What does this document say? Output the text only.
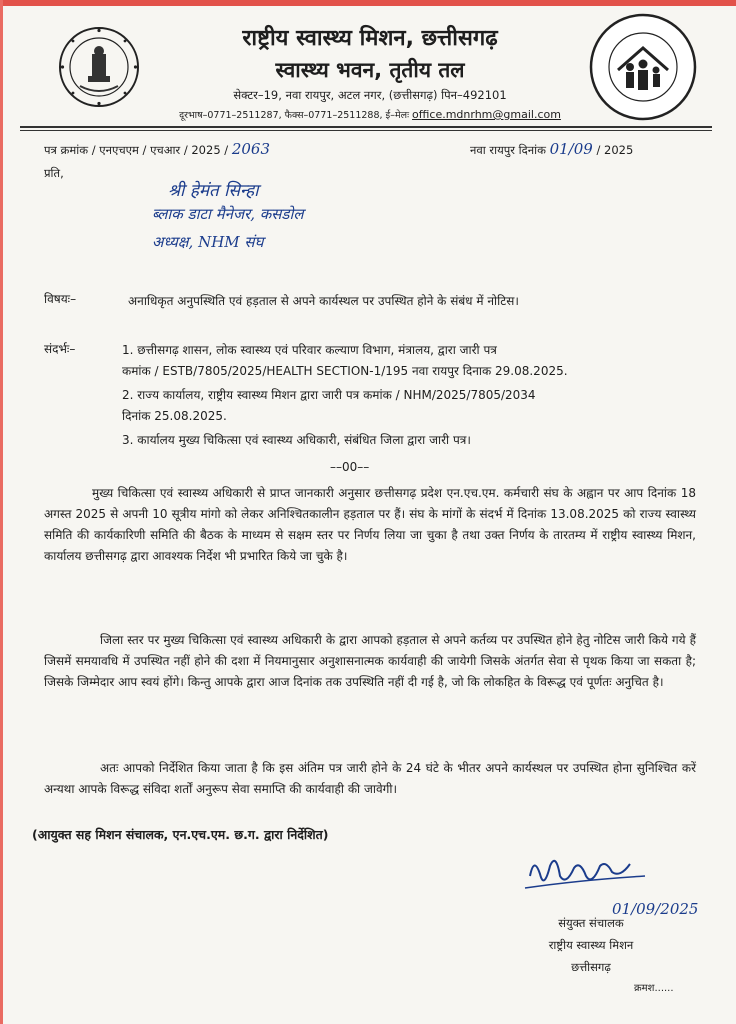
राष्ट्रीय स्वास्थ्य मिशन, छत्तीसगढ़
स्वास्थ्य भवन, तृतीय तल
सेक्टर–19, नवा रायपुर, अटल नगर, (छत्तीसगढ़) पिन–492101
दूरभाष–0771–2511287, फैक्स–0771–2511288, ई–मेलः office.mdnrhm@gmail.com
पत्र क्रमांक / एनएचएम / एचआर / 2025 / 2063	नवा रायपुर दिनांक 01/09 / 2025
प्रति,
श्री हेमंत सिन्हा
ब्लाक डाटा मैनेजर, कसडोल
अध्यक्ष, NHM संघ
विषयः–	अनाधिकृत अनुपस्थिति एवं हड़ताल से अपने कार्यस्थल पर उपस्थित होने के संबंध में नोटिस।
संदर्भः–	1. छत्तीसगढ़ शासन, लोक स्वास्थ्य एवं परिवार कल्याण विभाग, मंत्रालय, द्वारा जारी पत्र
कमांक / ESTB/7805/2025/HEALTH SECTION-1/195 नवा रायपुर दिनाक 29.08.2025.
2. राज्य कार्यालय, राष्ट्रीय स्वास्थ्य मिशन द्वारा जारी पत्र कमांक / NHM/2025/7805/2034
दिनांक 25.08.2025.
3. कार्यालय मुख्य चिकित्सा एवं स्वास्थ्य अधिकारी, संबंधित जिला द्वारा जारी पत्र।
––00––
मुख्य चिकित्सा एवं स्वास्थ्य अधिकारी से प्राप्त जानकारी अनुसार छत्तीसगढ़ प्रदेश एन.एच.एम. कर्मचारी संघ के अह्वान पर आप दिनांक 18 अगस्त 2025 से अपनी 10 सूत्रीय मांगो को लेकर अनिश्चितकालीन हड़ताल पर हैं। संघ के मांगों के संदर्भ में दिनांक 13.08.2025 को राज्य स्वास्थ्य समिति की कार्यकारिणी समिति की बैठक के माध्यम से सक्षम स्तर पर निर्णय लिया जा चुका है तथा उक्त निर्णय के तारतम्य में राष्ट्रीय स्वास्थ्य मिशन, कार्यालय छत्तीसगढ़ द्वारा आवश्यक निर्देश भी प्रभारित किये जा चुके है।
जिला स्तर पर मुख्य चिकित्सा एवं स्वास्थ्य अधिकारी के द्वारा आपको हड़ताल से अपने कर्तव्य पर उपस्थित होने हेतु नोटिस जारी किये गये हैं जिसमें समयावधि में उपस्थित नहीं होने की दशा में नियमानुसार अनुशासनात्मक कार्यवाही की जायेगी जिसके अंतर्गत सेवा से पृथक किया जा सकता है; जिसके जिम्मेदार आप स्वयं होंगे। किन्तु आपके द्वारा आज दिनांक तक उपस्थिति नहीं दी गई है, जो कि लोकहित के विरूद्ध एवं पूर्णतः अनुचित है।
अतः आपको निर्देशित किया जाता है कि इस अंतिम पत्र जारी होने के 24 घंटे के भीतर अपने कार्यस्थल पर उपस्थित होना सुनिश्चित करें अन्यथा आपके विरूद्ध संविदा शर्तों अनुरूप सेवा समाप्ति की कार्यवाही की जावेगी।
(आयुक्त सह मिशन संचालक, एन.एच.एम. छ.ग. द्वारा निर्देशित)
01/09/2025
संयुक्त संचालक
राष्ट्रीय स्वास्थ्य मिशन
छत्तीसगढ़
क्रमश......
